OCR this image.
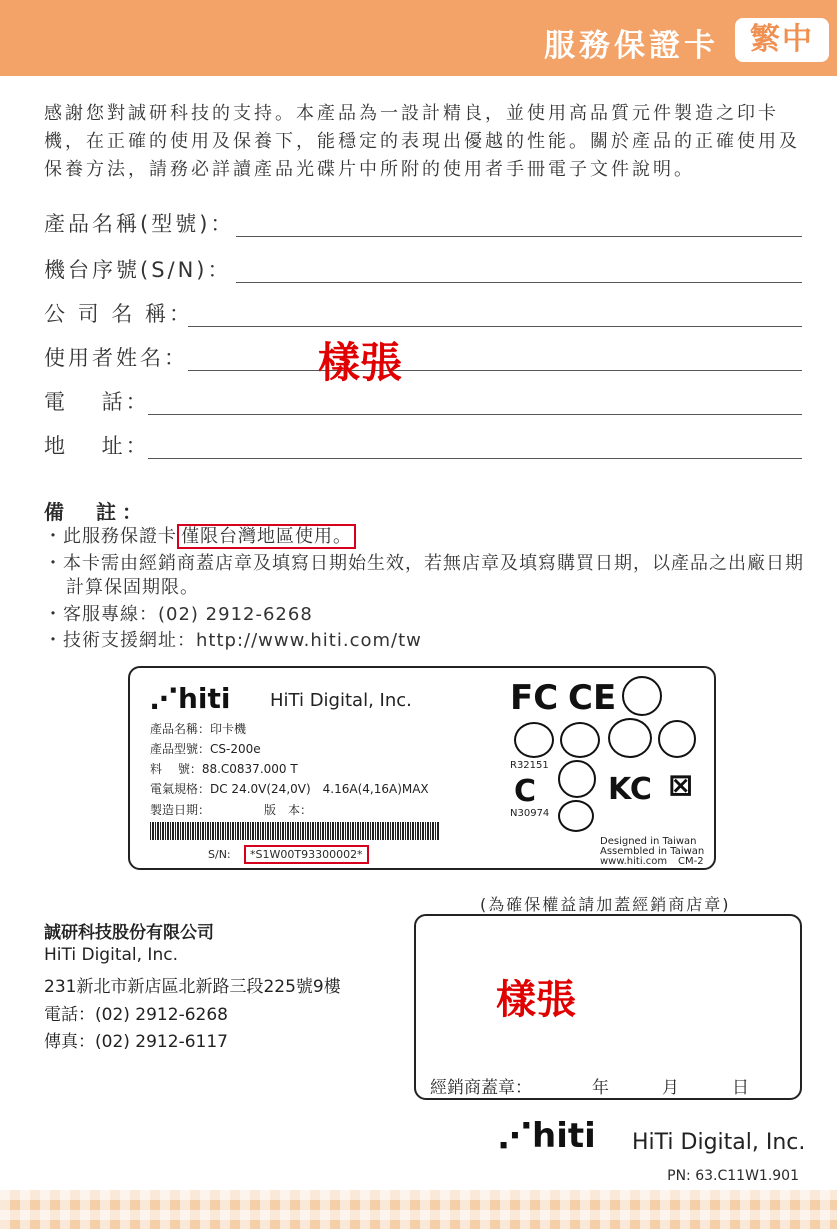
服務保證卡	繁中
感謝您對誠研科技的支持。本產品為一設計精良，並使用高品質元件製造之印卡機，在正確的使用及保養下，能穩定的表現出優越的性能。關於產品的正確使用及保養方法，請務必詳讀產品光碟片中所附的使用者手冊電子文件說明。
產品名稱(型號)：
機台序號(S/N)：
公 司 名 稱：
使用者姓名：
電　 話：
地　 址：
樣張
備　註：
・此服務保證卡 僅限台灣地區使用。
・本卡需由經銷商蓋店章及填寫日期始生效，若無店章及填寫購買日期，以產品之出廠日期
計算保固期限。
・客服專線：(02) 2912-6268
・技術支援網址：http://www.hiti.com/tw
⋰hiti HiTi Digital, Inc.
產品名稱：印卡機
產品型號：CS-200e
料　 號：88.C0837.000 T
電氣規格：DC 24.0V(24,0V)　4.16A(4,16A)MAX
製造日期：　　　　　版　本：
S/N:	*S1W00T93300002*
FC CE
R32151
C
N30974
KC ⊠
Designed in Taiwan
Assembled in Taiwan
www.hiti.com CM-2
誠研科技股份有限公司
HiTi Digital, Inc.
231新北市新店區北新路三段225號9樓
電話：(02) 2912-6268
傳真：(02) 2912-6117
(為確保權益請加蓋經銷商店章)
樣張
經銷商蓋章：	年	月	日
⋰hiti HiTi Digital, Inc.
PN: 63.C11W1.901
